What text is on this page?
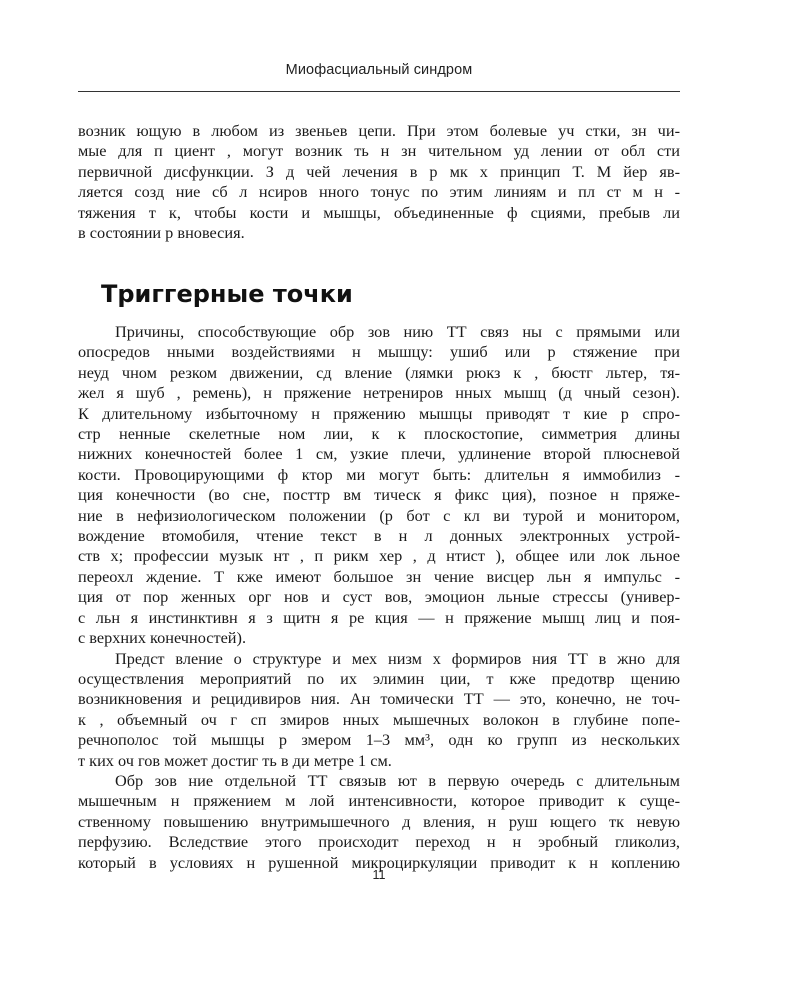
Миофасциальный синдром
возник ющую в любом из звеньев цепи. При этом болевые уч стки, зн чи-
мые для п циент , могут возник ть н зн чительном уд лении от обл сти
первичной дисфункции. З д чей лечения в р мк х принцип Т. М йер яв-
ляется созд ние сб л нсиров нного тонус по этим линиям и пл ст м н -
тяжения т к, чтобы кости и мышцы, объединенные ф сциями, пребыв ли
в состоянии р вновесия.
Триггерные точки
Причины, способствующие обр зов нию ТТ связ ны с прямыми или
опосредов нными воздействиями н мышцу: ушиб или р стяжение при
неуд чном резком движении, сд вление (лямки рюкз к , бюстг льтер, тя-
жел я шуб , ремень), н пряжение нетрениров нных мышц (д чный сезон).
К длительному избыточному н пряжению мышцы приводят т кие р спро-
стр ненные скелетные ном лии, к к плоскостопие, симметрия длины
нижних конечностей более 1 см, узкие плечи, удлинение второй плюсневой
кости. Провоцирующими ф ктор ми могут быть: длительн я иммобилиз -
ция конечности (во сне, посттр вм тическ я фикс ция), позное н пряже-
ние в нефизиологическом положении (р бот с кл ви турой и монитором,
вождение втомобиля, чтение текст в н л донных электронных устрой-
ств х; профессии музык нт , п рикм хер , д нтист ), общее или лок льное
переохл ждение. Т кже имеют большое зн чение висцер льн я импульс -
ция от пор женных орг нов и суст вов, эмоцион льные стрессы (универ-
с льн я инстинктивн я з щитн я ре кция — н пряжение мышц лиц и поя-
с верхних конечностей).
Предст вление о структуре и мех низм х формиров ния ТТ в жно для
осуществления мероприятий по их элимин ции, т кже предотвр щению
возникновения и рецидивиров ния. Ан томически ТТ — это, конечно, не точ-
к , объемный оч г сп змиров нных мышечных волокон в глубине попе-
речнополос той мышцы р змером 1–3 мм³, одн ко групп из нескольких
т ких оч гов может достиг ть в ди метре 1 см.
Обр зов ние отдельной ТТ связыв ют в первую очередь с длительным
мышечным н пряжением м лой интенсивности, которое приводит к суще-
ственному повышению внутримышечного д вления, н руш ющего тк невую
перфузию. Вследствие этого происходит переход н н эробный гликолиз,
который в условиях н рушенной микроциркуляции приводит к н коплению
11
